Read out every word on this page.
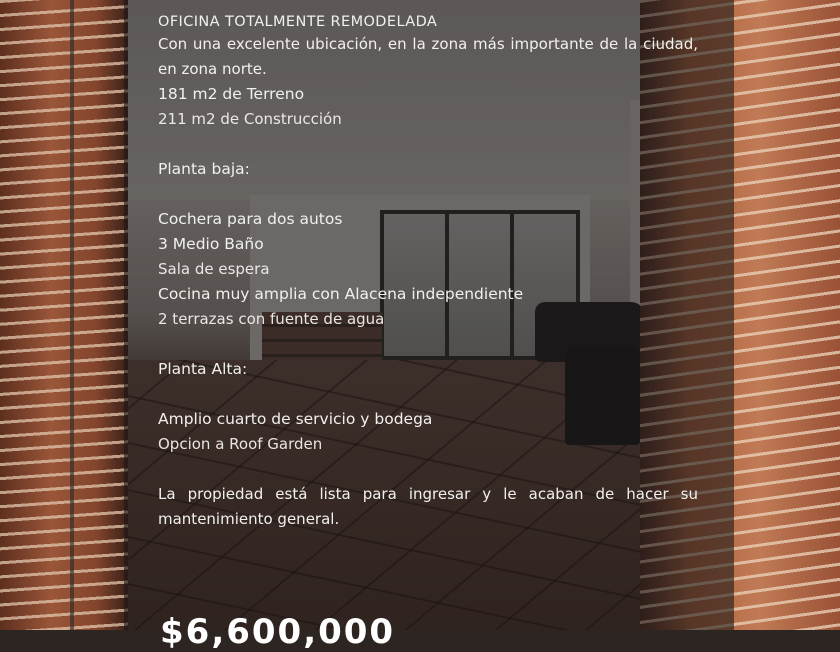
OFICINA TOTALMENTE REMODELADA

Con una excelente ubicación, en la zona más importante de la ciudad, en zona norte.

181 m2 de Terreno

211 m2 de Construcción

Planta baja:

Cochera para dos autos

3 Medio Baño

Sala de espera

Cocina muy amplia con Alacena independiente

2 terrazas con fuente de agua

Planta Alta:

Amplio cuarto de servicio y bodega

Opcion a Roof Garden

La propiedad está lista para ingresar y le acaban de hacer su mantenimiento general.

$6,600,000
